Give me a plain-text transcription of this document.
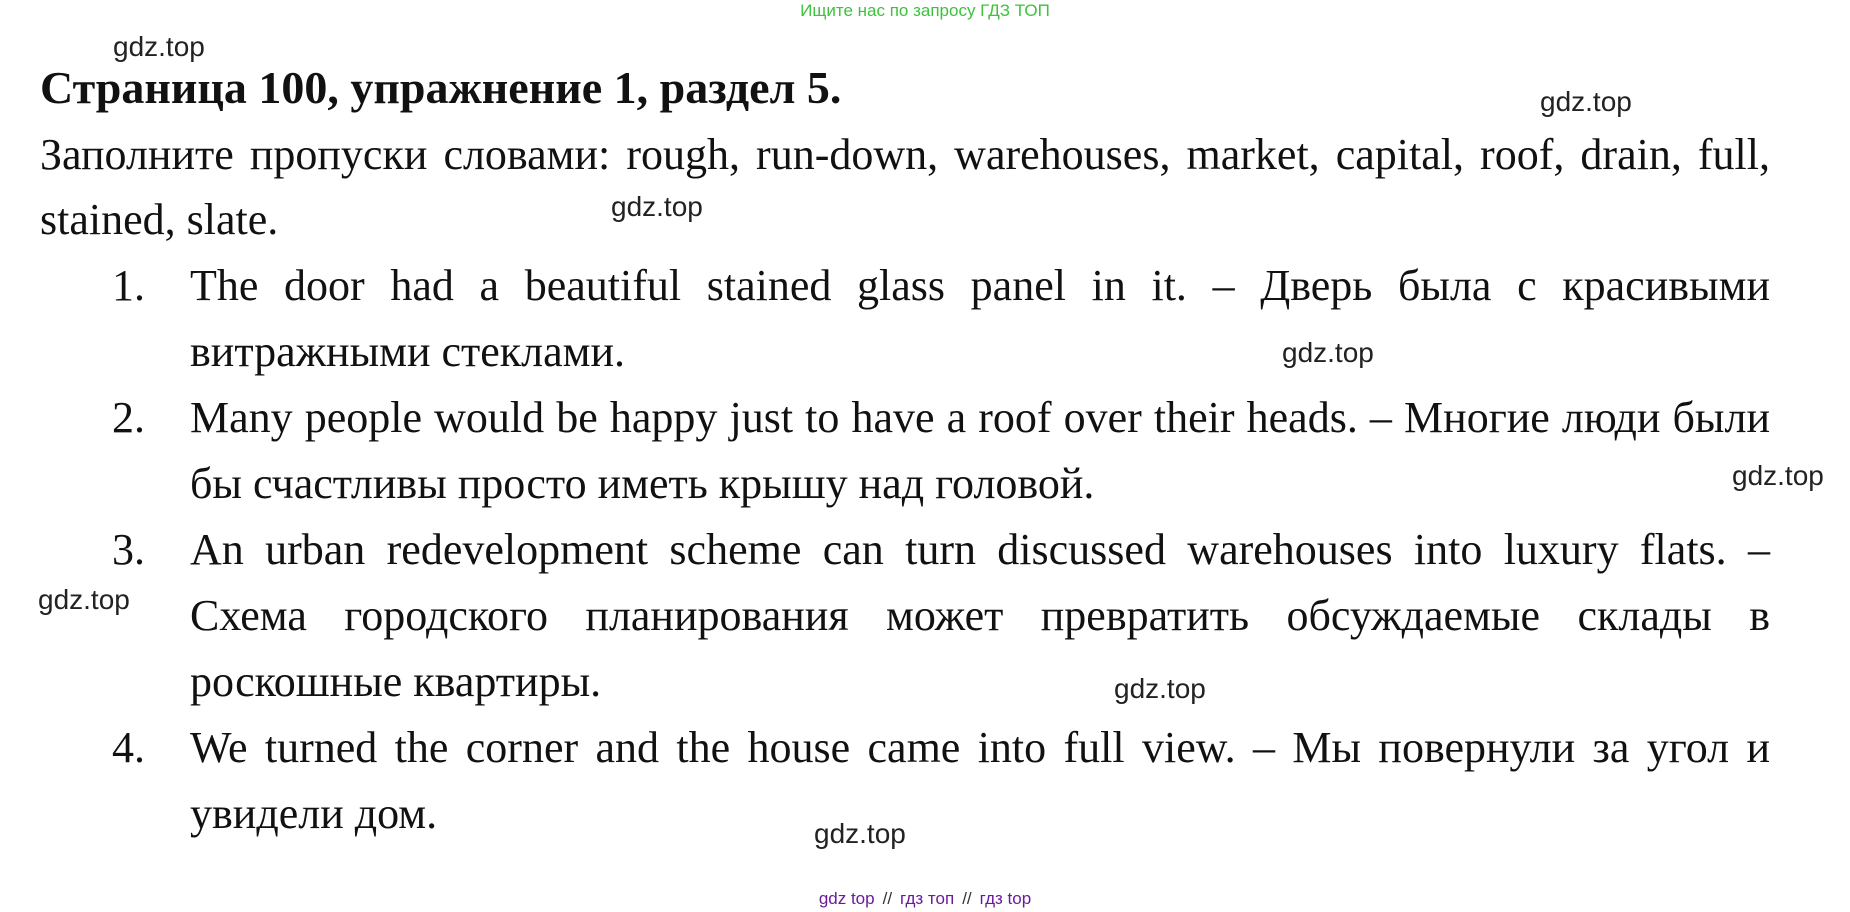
Ищите нас по запросу ГДЗ ТОП
gdz.top
gdz.top
gdz.top
gdz.top
gdz.top
gdz.top
gdz.top
gdz.top
Страница 100, упражнение 1, раздел 5.
Заполните пропуски словами: rough, run-down, warehouses, market, capital, roof, drain, full, stained, slate.
1. The door had a beautiful stained glass panel in it. – Дверь была с красивыми витражными стеклами.
2. Many people would be happy just to have a roof over their heads. – Многие люди были бы счастливы просто иметь крышу над головой.
3. An urban redevelopment scheme can turn discussed warehouses into luxury flats. – Схема городского планирования может превратить обсуждаемые склады в роскошные квартиры.
4. We turned the corner and the house came into full view. – Мы повернули за угол и увидели дом.
gdz top // гдз топ // гдз top
